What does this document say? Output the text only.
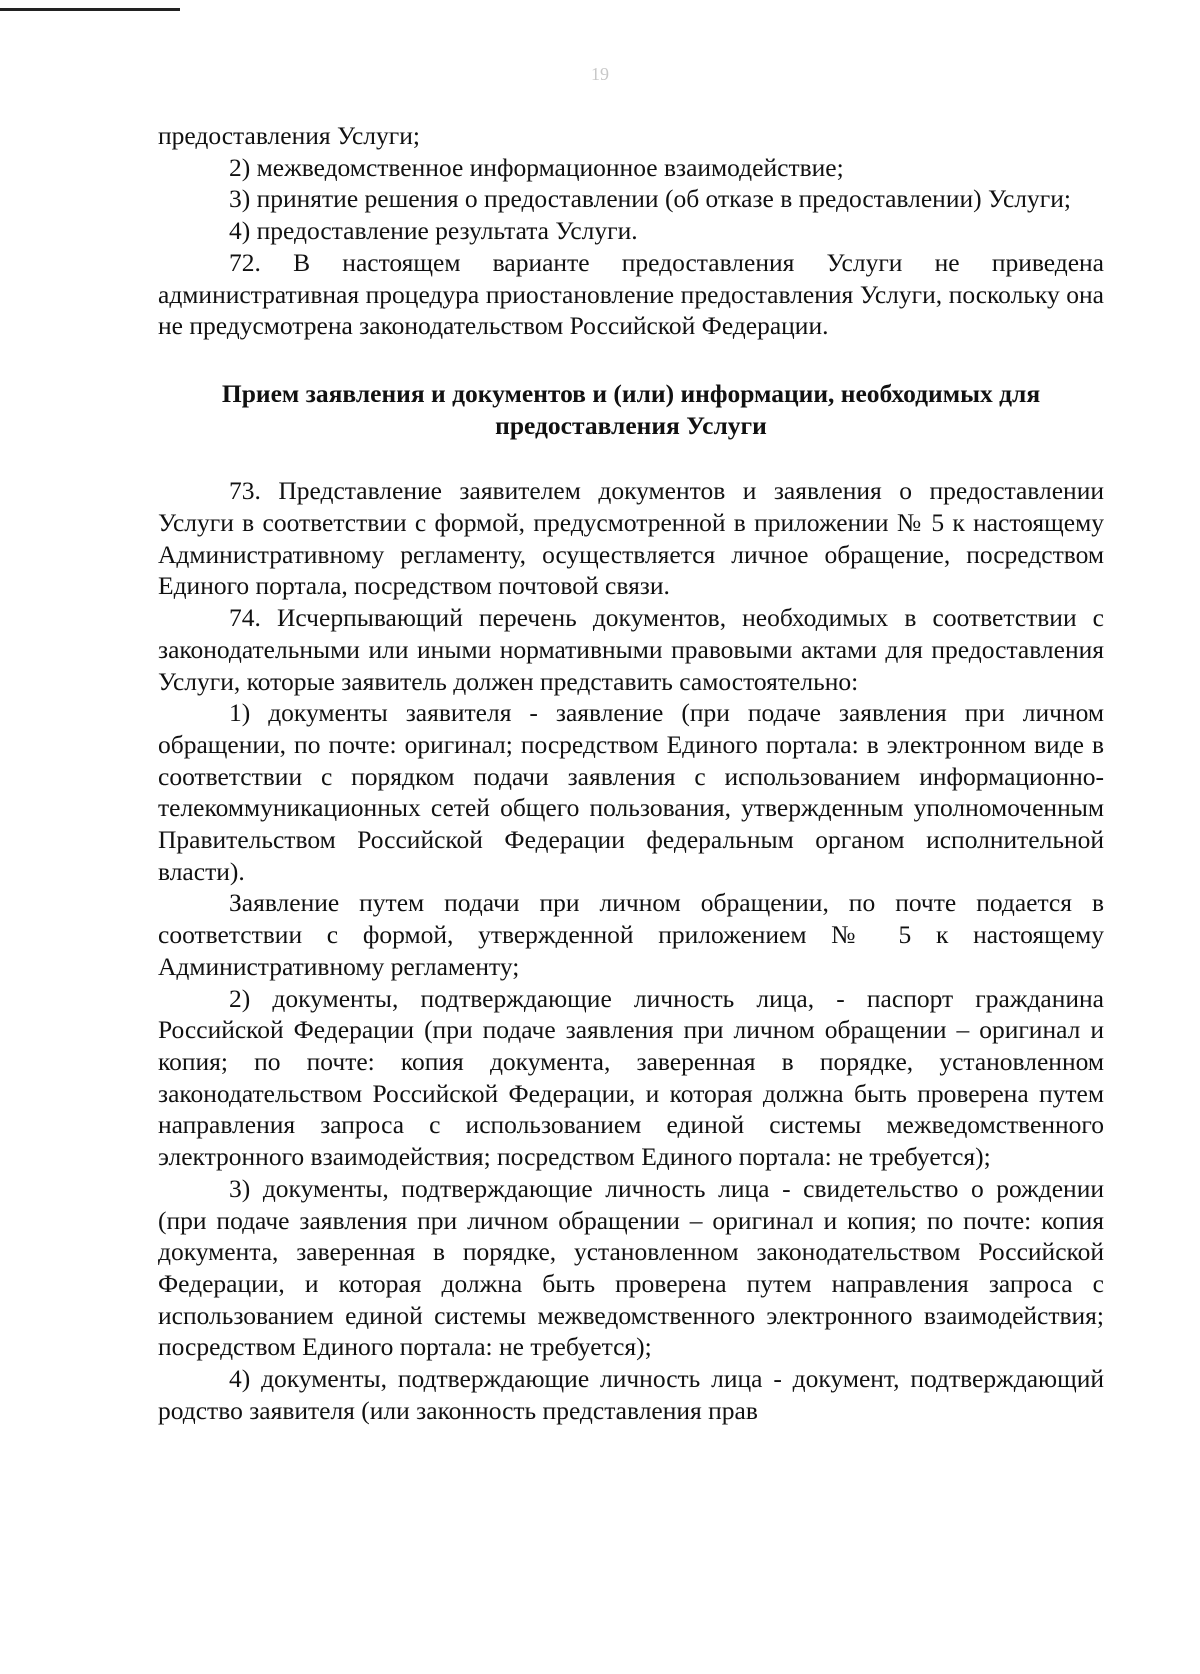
19

предоставления Услуги;

2) межведомственное информационное взаимодействие;

3) принятие решения о предоставлении (об отказе в предоставлении) Услуги;

4) предоставление результата Услуги.

72. В настоящем варианте предоставления Услуги не приведена административная процедура приостановление предоставления Услуги, поскольку она не предусмотрена законодательством Российской Федерации.

Прием заявления и документов и (или) информации, необходимых для предоставления Услуги

73. Представление заявителем документов и заявления о предоставлении Услуги в соответствии с формой, предусмотренной в приложении № 5 к настоящему Административному регламенту, осуществляется личное обращение, посредством Единого портала, посредством почтовой связи.

74. Исчерпывающий перечень документов, необходимых в соответствии с законодательными или иными нормативными правовыми актами для предоставления Услуги, которые заявитель должен представить самостоятельно:

1) документы заявителя - заявление (при подаче заявления при личном обращении, по почте: оригинал; посредством Единого портала: в электронном виде в соответствии с порядком подачи заявления с использованием информационно-телекоммуникационных сетей общего пользования, утвержденным уполномоченным Правительством Российской Федерации федеральным органом исполнительной власти).

Заявление путем подачи при личном обращении, по почте подается в соответствии с формой, утвержденной приложением № 5 к настоящему Административному регламенту;

2) документы, подтверждающие личность лица, - паспорт гражданина Российской Федерации (при подаче заявления при личном обращении – оригинал и копия; по почте: копия документа, заверенная в порядке, установленном законодательством Российской Федерации, и которая должна быть проверена путем направления запроса с использованием единой системы межведомственного электронного взаимодействия; посредством Единого портала: не требуется);

3) документы, подтверждающие личность лица - свидетельство о рождении (при подаче заявления при личном обращении – оригинал и копия; по почте: копия документа, заверенная в порядке, установленном законодательством Российской Федерации, и которая должна быть проверена путем направления запроса с использованием единой системы межведомственного электронного взаимодействия; посредством Единого портала: не требуется);

4) документы, подтверждающие личность лица - документ, подтверждающий родство заявителя (или законность представления прав
